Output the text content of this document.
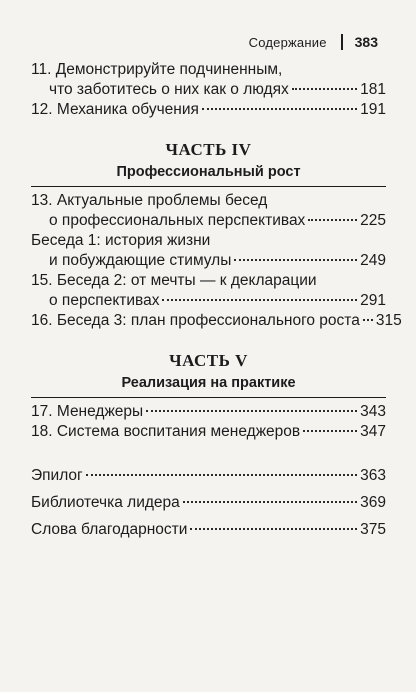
Содержание 383
11. Демонстрируйте подчиненным,
что заботитесь о них как о людях	181
12. Механика обучения	191
ЧАСТЬ IV
Профессиональный рост
13. Актуальные проблемы бесед
о профессиональных перспективах	225
Беседа 1: история жизни
и побуждающие стимулы	249
15. Беседа 2: от мечты — к декларации
о перспективах	291
16. Беседа 3: план профессионального роста 315
ЧАСТЬ V
Реализация на практике
17. Менеджеры	343
18. Система воспитания менеджеров	347
Эпилог	363
Библиотечка лидера	369
Слова благодарности	375
